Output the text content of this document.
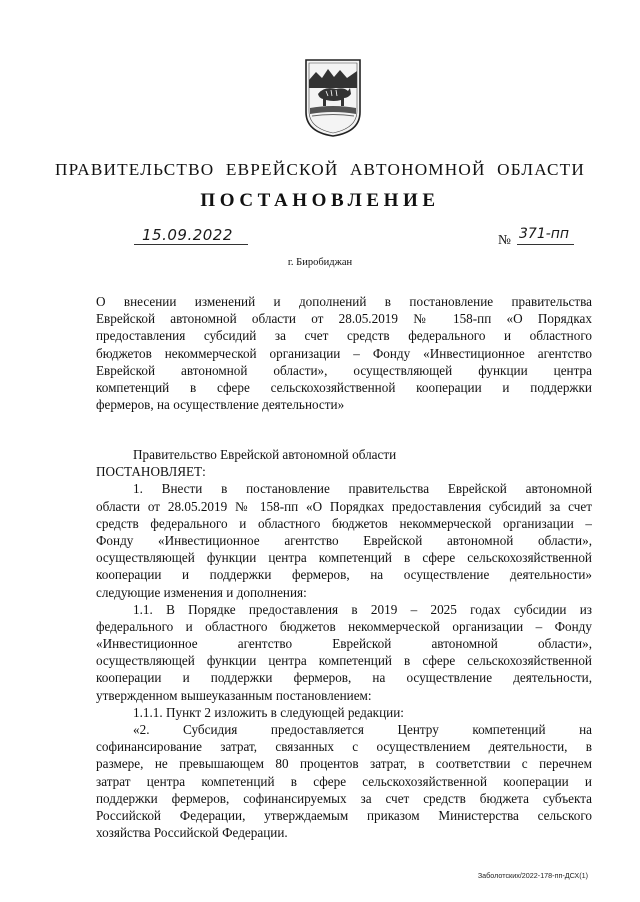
ПРАВИТЕЛЬСТВО ЕВРЕЙСКОЙ АВТОНОМНОЙ ОБЛАСТИ
ПОСТАНОВЛЕНИЕ
15.09.2022	№ 371-пп
г. Биробиджан
О внесении изменений и дополнений в постановление правительства
Еврейской автономной области от 28.05.2019 № 158-пп «О Порядках
предоставления субсидий за счет средств федерального и областного
бюджетов некоммерческой организации – Фонду «Инвестиционное агентство
Еврейской автономной области», осуществляющей функции центра
компетенций в сфере сельскохозяйственной кооперации и поддержки
фермеров, на осуществление деятельности»
Правительство Еврейской автономной области
ПОСТАНОВЛЯЕТ:
1. Внести в постановление правительства Еврейской автономной
области от 28.05.2019 № 158-пп «О Порядках предоставления субсидий за счет
средств федерального и областного бюджетов некоммерческой организации –
Фонду «Инвестиционное агентство Еврейской автономной области»,
осуществляющей функции центра компетенций в сфере сельскохозяйственной
кооперации и поддержки фермеров, на осуществление деятельности»
следующие изменения и дополнения:
1.1. В Порядке предоставления в 2019 – 2025 годах субсидии из
федерального и областного бюджетов некоммерческой организации – Фонду
«Инвестиционное агентство Еврейской автономной области»,
осуществляющей функции центра компетенций в сфере сельскохозяйственной
кооперации и поддержки фермеров, на осуществление деятельности,
утвержденном вышеуказанным постановлением:
1.1.1. Пункт 2 изложить в следующей редакции:
«2. Субсидия предоставляется Центру компетенций на
софинансирование затрат, связанных с осуществлением деятельности, в
размере, не превышающем 80 процентов затрат, в соответствии с перечнем
затрат центра компетенций в сфере сельскохозяйственной кооперации и
поддержки фермеров, софинансируемых за счет средств бюджета субъекта
Российской Федерации, утверждаемым приказом Министерства сельского
хозяйства Российской Федерации.
Заболотских/2022-178-пп-ДСХ(1)
